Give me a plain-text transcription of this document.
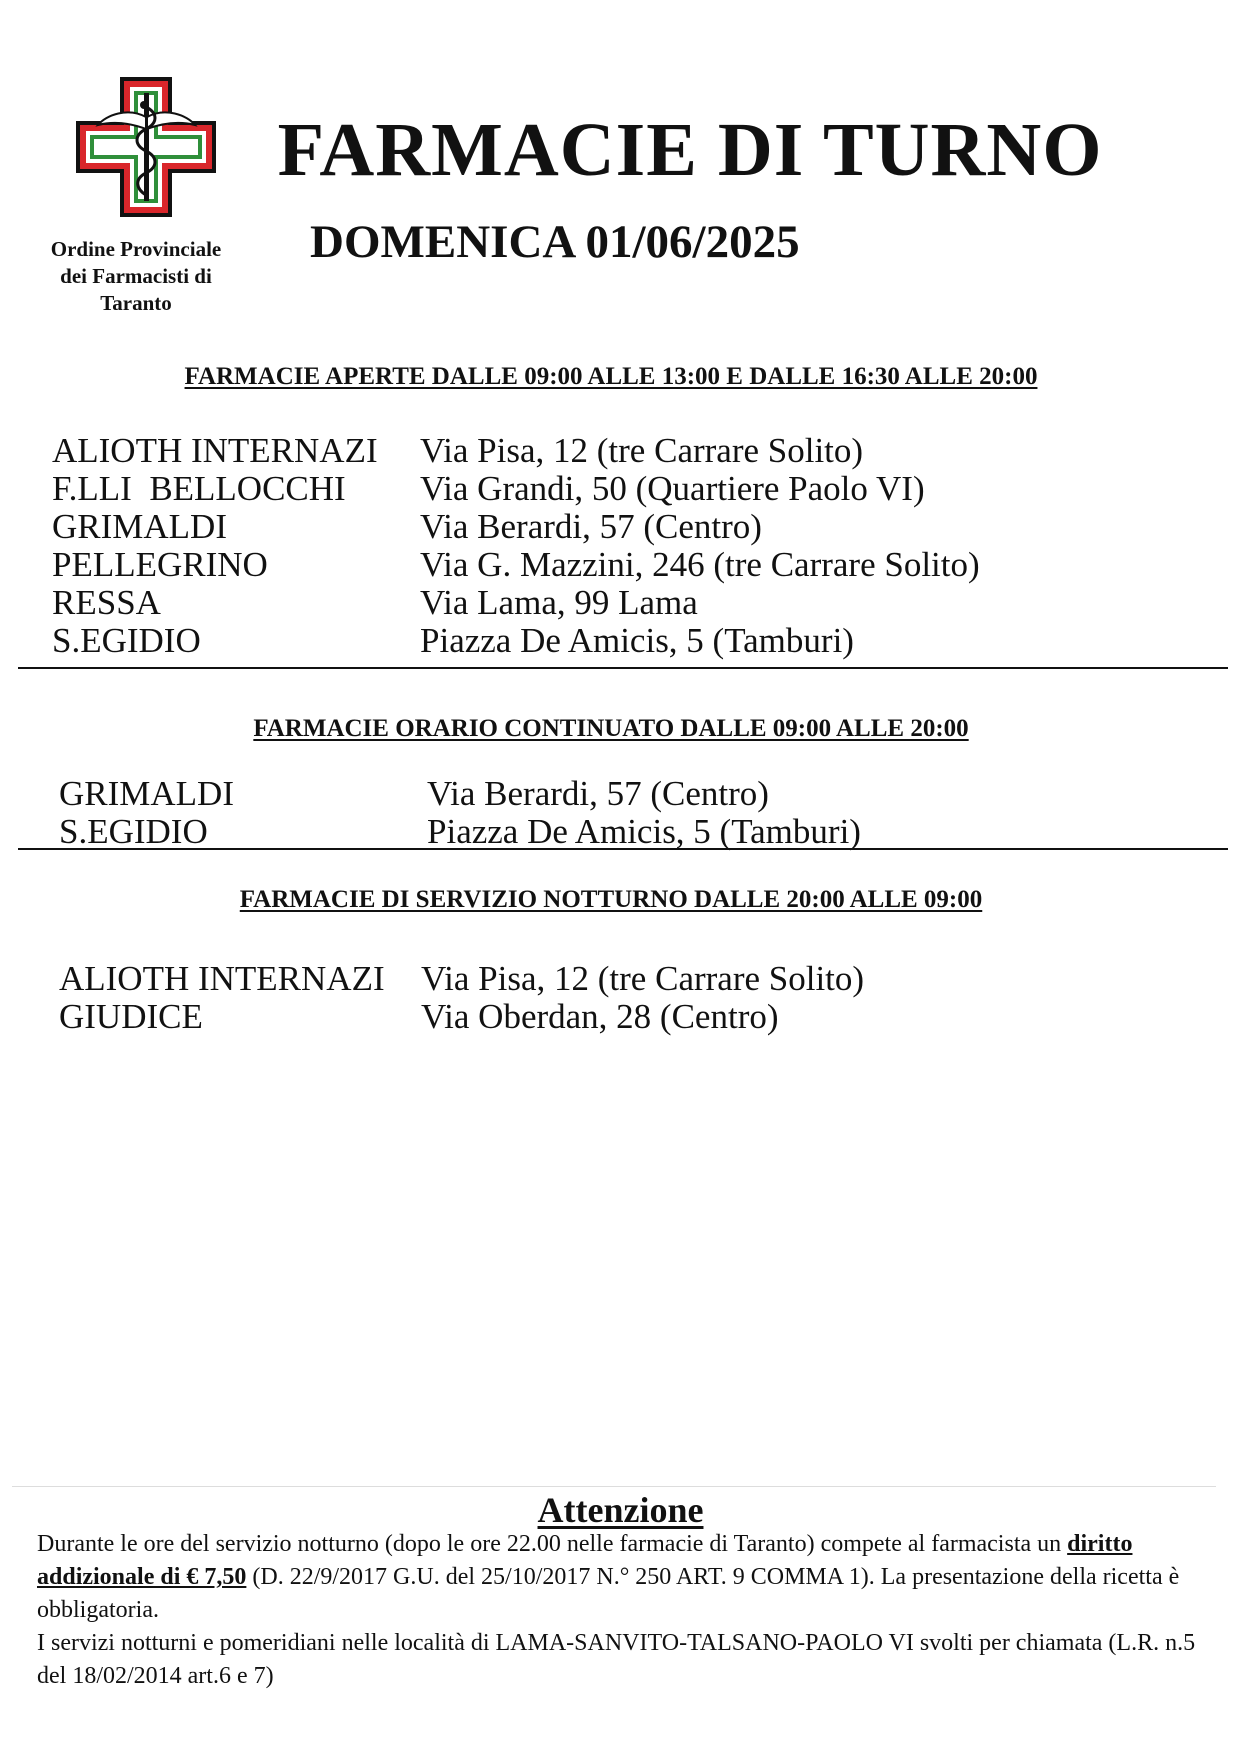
Ordine Provinciale
dei Farmacisti di
Taranto
FARMACIE DI TURNO
DOMENICA 01/06/2025
FARMACIE APERTE DALLE 09:00 ALLE 13:00 E DALLE 16:30 ALLE 20:00
ALIOTH INTERNAZI	Via Pisa, 12 (tre Carrare Solito)
F.LLI  BELLOCCHI	Via Grandi, 50 (Quartiere Paolo VI)
GRIMALDI	Via Berardi, 57 (Centro)
PELLEGRINO	Via G. Mazzini, 246 (tre Carrare Solito)
RESSA	Via Lama, 99 Lama
S.EGIDIO	Piazza De Amicis, 5 (Tamburi)
FARMACIE ORARIO CONTINUATO DALLE 09:00 ALLE 20:00
GRIMALDI	Via Berardi, 57 (Centro)
S.EGIDIO	Piazza De Amicis, 5 (Tamburi)
FARMACIE DI SERVIZIO NOTTURNO DALLE 20:00 ALLE 09:00
ALIOTH INTERNAZI	Via Pisa, 12 (tre Carrare Solito)
GIUDICE	Via Oberdan, 28 (Centro)
Attenzione

Durante le ore del servizio notturno (dopo le ore 22.00 nelle farmacie di Taranto) compete al farmacista un diritto addizionale di € 7,50 (D. 22/9/2017 G.U. del 25/10/2017 N.° 250 ART. 9 COMMA 1). La presentazione della ricetta è obbligatoria.

I servizi notturni e pomeridiani nelle località di LAMA-SANVITO-TALSANO-PAOLO VI svolti per chiamata (L.R. n.5 del 18/02/2014 art.6 e 7)
